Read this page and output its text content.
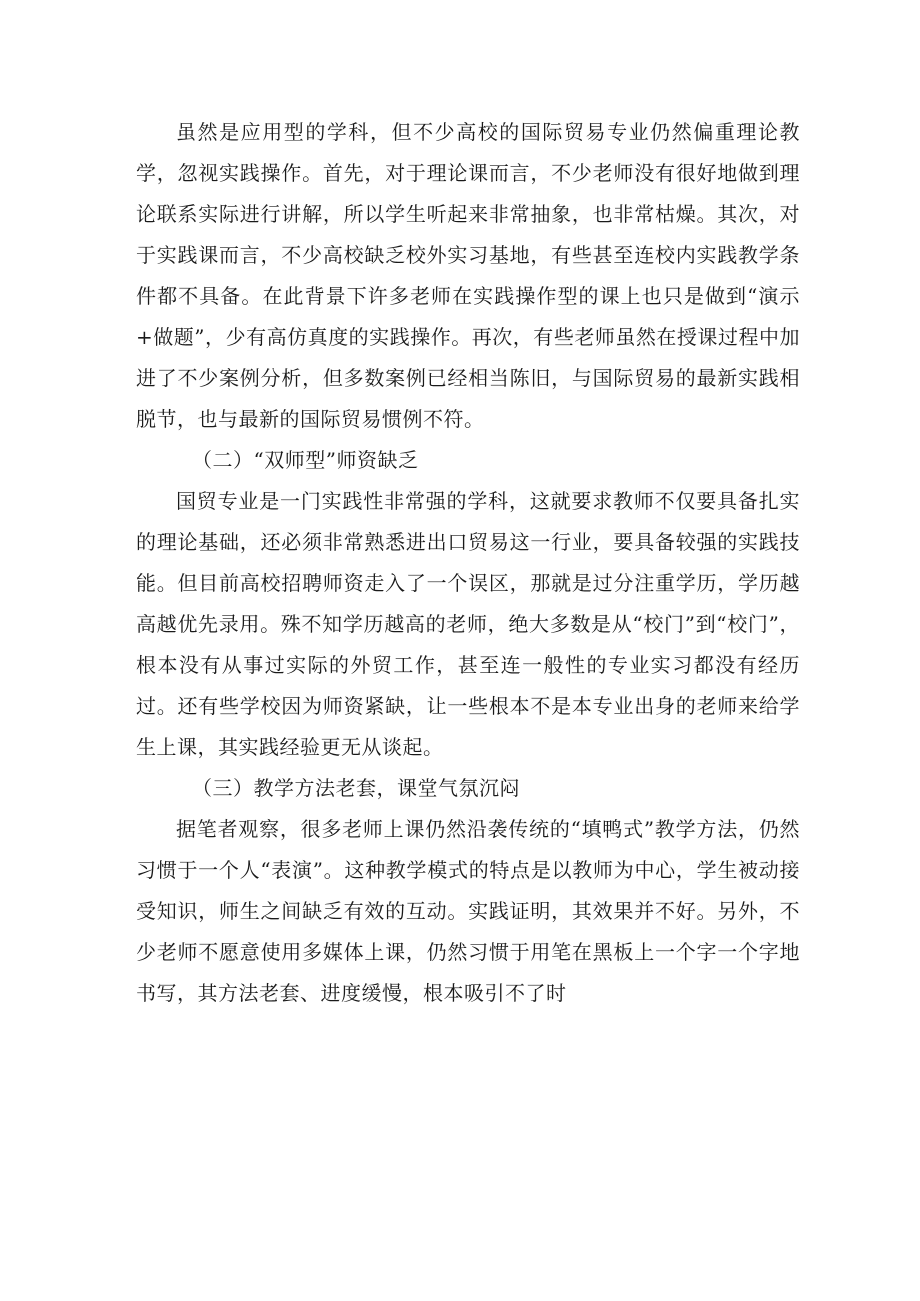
虽然是应用型的学科，但不少高校的国际贸易专业仍然偏重理论教学，忽视实践操作。首先，对于理论课而言，不少老师没有很好地做到理论联系实际进行讲解，所以学生听起来非常抽象，也非常枯燥。其次，对于实践课而言，不少高校缺乏校外实习基地，有些甚至连校内实践教学条件都不具备。在此背景下许多老师在实践操作型的课上也只是做到“演示+做题”，少有高仿真度的实践操作。再次，有些老师虽然在授课过程中加进了不少案例分析，但多数案例已经相当陈旧，与国际贸易的最新实践相脱节，也与最新的国际贸易惯例不符。

（二）“双师型”师资缺乏

国贸专业是一门实践性非常强的学科，这就要求教师不仅要具备扎实的理论基础，还必须非常熟悉进出口贸易这一行业，要具备较强的实践技能。但目前高校招聘师资走入了一个误区，那就是过分注重学历，学历越高越优先录用。殊不知学历越高的老师，绝大多数是从“校门”到“校门”，根本没有从事过实际的外贸工作，甚至连一般性的专业实习都没有经历过。还有些学校因为师资紧缺，让一些根本不是本专业出身的老师来给学生上课，其实践经验更无从谈起。

（三）教学方法老套，课堂气氛沉闷

据笔者观察，很多老师上课仍然沿袭传统的“填鸭式”教学方法，仍然习惯于一个人“表演”。这种教学模式的特点是以教师为中心，学生被动接受知识，师生之间缺乏有效的互动。实践证明，其效果并不好。另外，不少老师不愿意使用多媒体上课，仍然习惯于用笔在黑板上一个字一个字地书写，其方法老套、进度缓慢，根本吸引不了时
